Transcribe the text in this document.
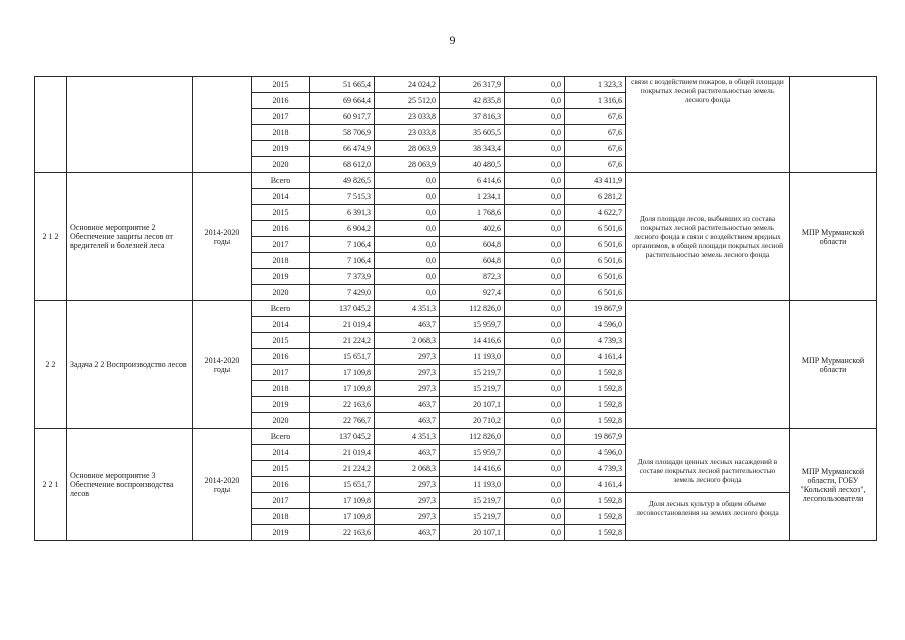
9
			2015	51 665,4	24 024,2	26 317,9	0,0	1 323,3	связи с воздействием пожаров, в общей площади покрытых лесной растительностью земель лесного фонда	
			2016	69 664,4	25 512,0	42 835,8	0,0	1 316,6		
			2017	60 917,7	23 033,8	37 816,3	0,0	67,6		
			2018	58 706,9	23 033,8	35 605,5	0,0	67,6		
			2019	66 474,9	28 063,9	38 343,4	0,0	67,6		
			2020	68 612,0	28 063,9	40 480,5	0,0	67,6		
2 1 2	Основное мероприятие 2 Обеспечение защиты лесов от вредителей и болезней леса	2014-2020 годы	Всего	49 826,5	0,0	6 414,6	0,0	43 411,9	Доля площади лесов, выбывших из состава покрытых лесной растительностью земель лесного фонда в связи с воздействием вредных организмов, в общей площади покрытых лесной растительностью земель лесного фонда	МПР Мурманской области
			2014	7 515,3	0,0	1 234,1	0,0	6 281,2		
			2015	6 391,3	0,0	1 768,6	0,0	4 622,7		
			2016	6 904,2	0,0	402,6	0,0	6 501,6		
			2017	7 106,4	0,0	604,8	0,0	6 501,6		
			2018	7 106,4	0,0	604,8	0,0	6 501,6		
			2019	7 373,9	0,0	872,3	0,0	6 501,6		
			2020	7 429,0	0,0	927,4	0,0	6 501,6		
2 2	Задача 2 2 Воспроизводство лесов	2014-2020 годы	Всего	137 045,2	4 351,3	112 826,0	0,0	19 867,9		МПР Мурманской области
			2014	21 019,4	463,7	15 959,7	0,0	4 596,0		
			2015	21 224,2	2 068,3	14 416,6	0,0	4 739,3		
			2016	15 651,7	297,3	11 193,0	0,0	4 161,4		
			2017	17 109,8	297,3	15 219,7	0,0	1 592,8		
			2018	17 109,8	297,3	15 219,7	0,0	1 592,8		
			2019	22 163,6	463,7	20 107,1	0,0	1 592,8		
			2020	22 766,7	463,7	20 710,2	0,0	1 592,8		
2 2 1	Основное мероприятие 3 Обеспечение воспроизводства лесов	2014-2020 годы	Всего	137 045,2	4 351,3	112 826,0	0,0	19 867,9	Доля площади ценных лесных насаждений в составе покрытых лесной растительностью земель лесного фонда	МПР Мурманской области, ГОБУ "Кольский лесхоз", лесопользователи
			2014	21 019,4	463,7	15 959,7	0,0	4 596,0		
			2015	21 224,2	2 068,3	14 416,6	0,0	4 739,3		
			2016	15 651,7	297,3	11 193,0	0,0	4 161,4		
			2017	17 109,8	297,3	15 219,7	0,0	1 592,8	Доля лесных культур в общем объеме лесовосстановления на землях лесного фонда	
			2018	17 109,8	297,3	15 219,7	0,0	1 592,8		
			2019	22 163,6	463,7	20 107,1	0,0	1 592,8		
